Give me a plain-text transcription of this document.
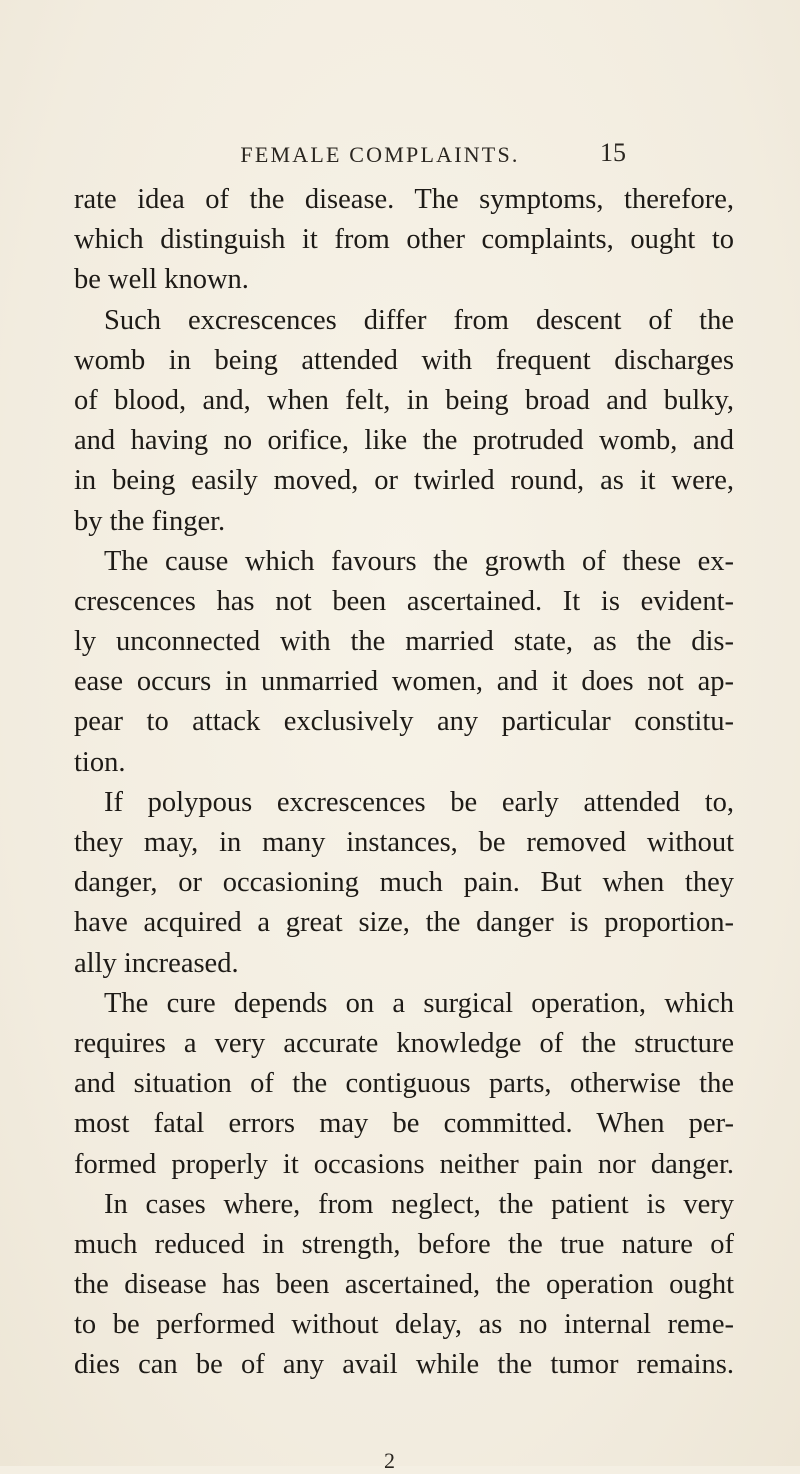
FEMALE COMPLAINTS.	15
rate idea of the disease. The symptoms, therefore,
which distinguish it from other complaints, ought to
be well known.
Such excrescences differ from descent of the
womb in being attended with frequent discharges
of blood, and, when felt, in being broad and bulky,
and having no orifice, like the protruded womb, and
in being easily moved, or twirled round, as it were,
by the finger.
The cause which favours the growth of these ex-
crescences has not been ascertained. It is evident-
ly unconnected with the married state, as the dis-
ease occurs in unmarried women, and it does not ap-
pear to attack exclusively any particular constitu-
tion.
If polypous excrescences be early attended to,
they may, in many instances, be removed without
danger, or occasioning much pain. But when they
have acquired a great size, the danger is proportion-
ally increased.
The cure depends on a surgical operation, which
requires a very accurate knowledge of the structure
and situation of the contiguous parts, otherwise the
most fatal errors may be committed. When per-
formed properly it occasions neither pain nor danger.
In cases where, from neglect, the patient is very
much reduced in strength, before the true nature of
the disease has been ascertained, the operation ought
to be performed without delay, as no internal reme-
dies can be of any avail while the tumor remains.
2
